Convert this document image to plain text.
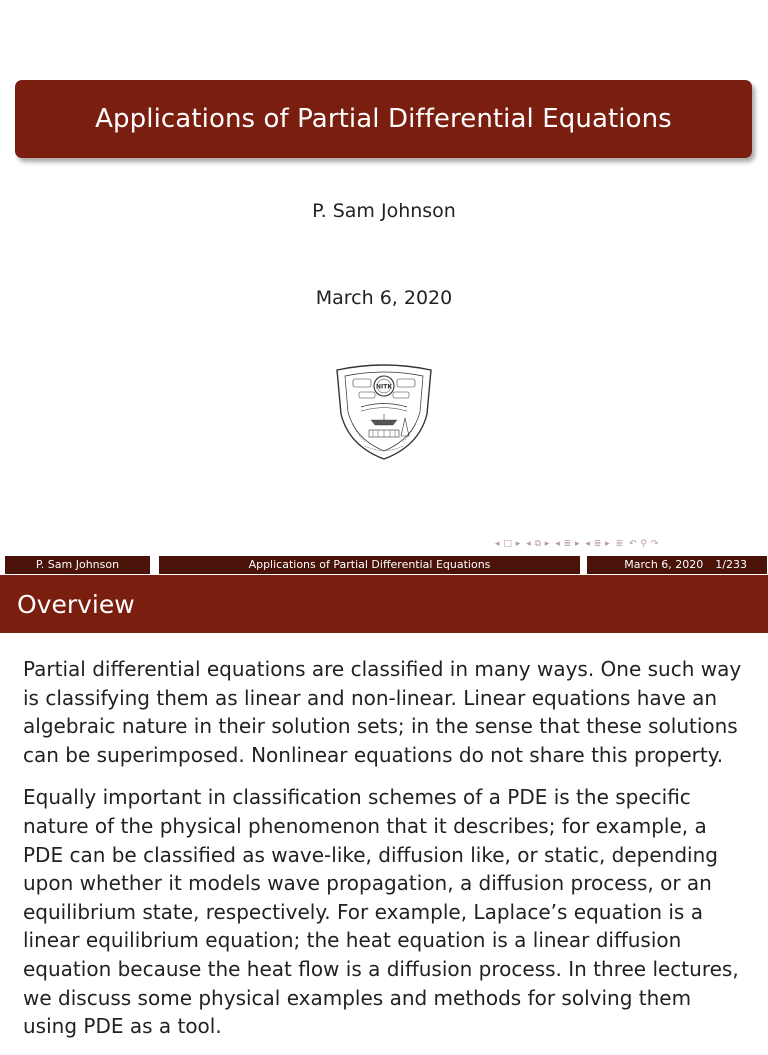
Applications of Partial Differential Equations
P. Sam Johnson
March 6, 2020
NITK
◂ □ ▸ ◂ ⧉ ▸ ◂ ≣ ▸ ◂ ≣ ▸ ≣ ↶ ⚲ ↷
P. Sam Johnson	Applications of Partial Differential Equations	March 6, 2020 1/233
Overview

Partial differential equations are classified in many ways. One such way is classifying them as linear and non-linear. Linear equations have an algebraic nature in their solution sets; in the sense that these solutions can be superimposed. Nonlinear equations do not share this property.

Equally important in classification schemes of a PDE is the specific nature of the physical phenomenon that it describes; for example, a PDE can be classified as wave-like, diffusion like, or static, depending upon whether it models wave propagation, a diffusion process, or an equilibrium state, respectively. For example, Laplace’s equation is a linear equilibrium equation; the heat equation is a linear diffusion equation because the heat flow is a diffusion process. In three lectures, we discuss some physical examples and methods for solving them using PDE as a tool.
